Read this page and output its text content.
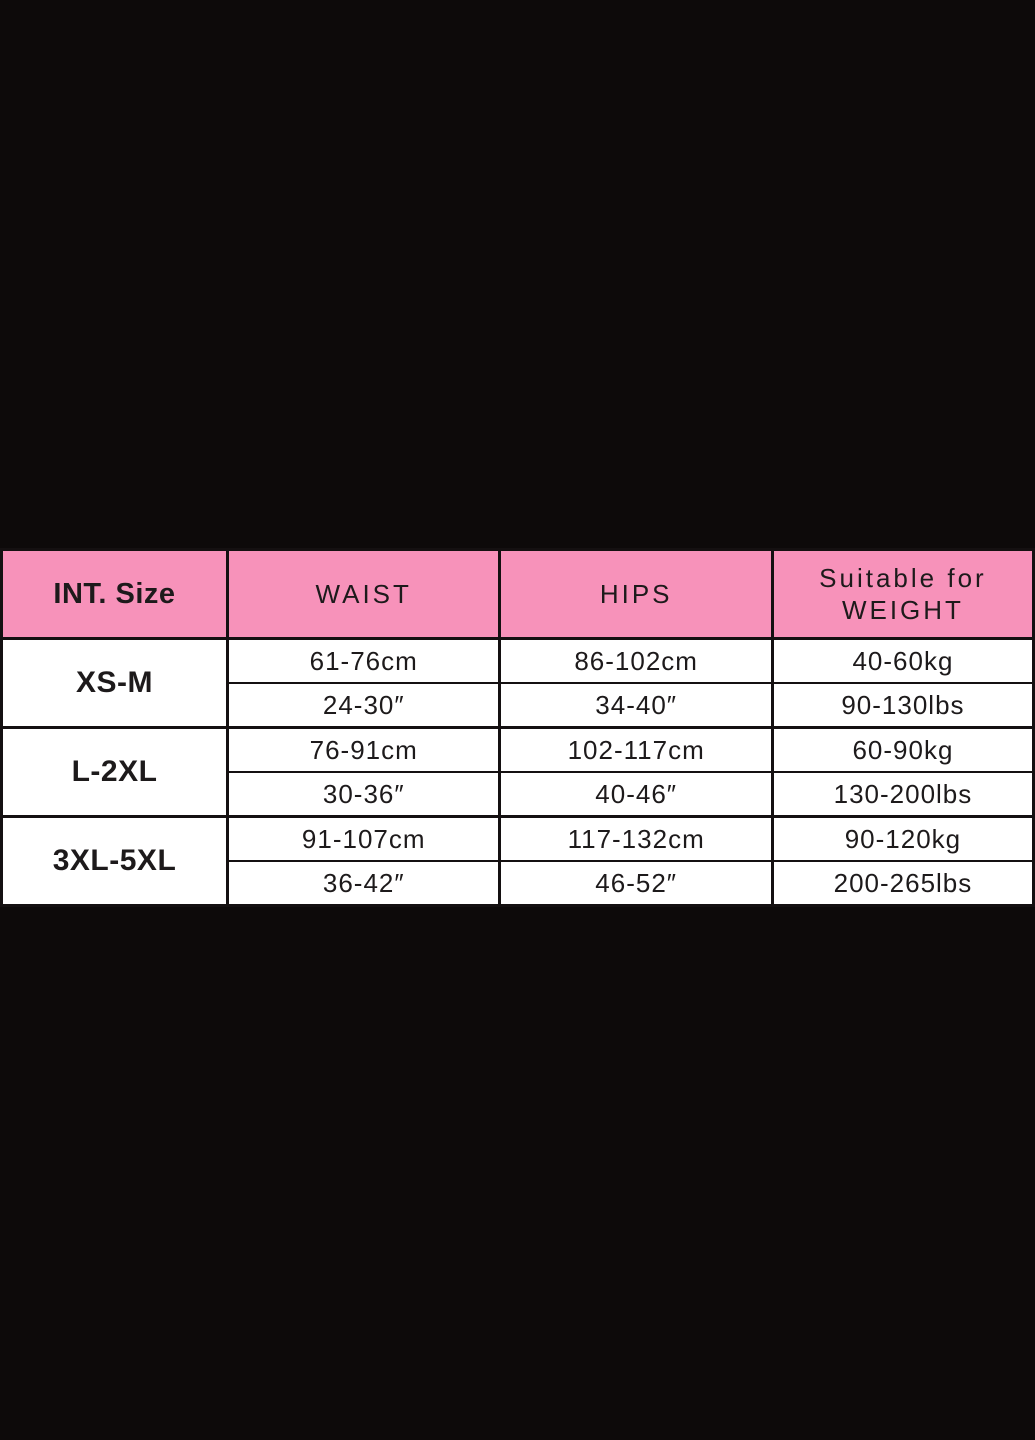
INT. Size	WAIST	HIPS	Suitable for
WEIGHT

XS-M	61-76cm	86-102cm	40-60kg
	24-30″	34-40″	90-130lbs
L-2XL	76-91cm	102-117cm	60-90kg
	30-36″	40-46″	130-200lbs
3XL-5XL	91-107cm	117-132cm	90-120kg
	36-42″	46-52″	200-265lbs
